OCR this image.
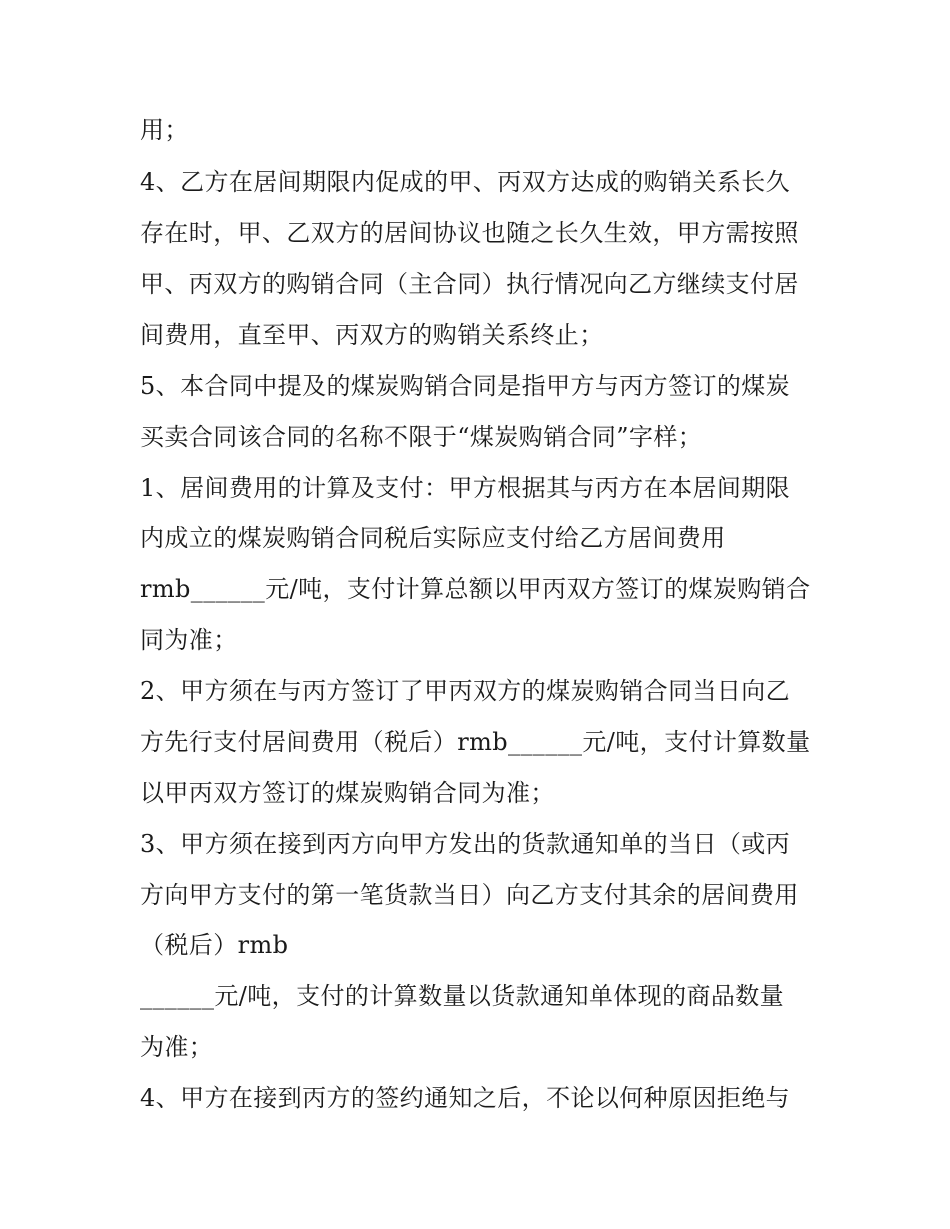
用；
4、乙方在居间期限内促成的甲、丙双方达成的购销关系长久
存在时，甲、乙双方的居间协议也随之长久生效，甲方需按照
甲、丙双方的购销合同（主合同）执行情况向乙方继续支付居
间费用，直至甲、丙双方的购销关系终止；
5、本合同中提及的煤炭购销合同是指甲方与丙方签订的煤炭
买卖合同该合同的名称不限于“煤炭购销合同”字样；
1、居间费用的计算及支付：甲方根据其与丙方在本居间期限
内成立的煤炭购销合同税后实际应支付给乙方居间费用
rmb______元/吨，支付计算总额以甲丙双方签订的煤炭购销合
同为准；
2、甲方须在与丙方签订了甲丙双方的煤炭购销合同当日向乙
方先行支付居间费用（税后）rmb______元/吨，支付计算数量
以甲丙双方签订的煤炭购销合同为准；
3、甲方须在接到丙方向甲方发出的货款通知单的当日（或丙
方向甲方支付的第一笔货款当日）向乙方支付其余的居间费用
（税后）rmb
______元/吨，支付的计算数量以货款通知单体现的商品数量
为准；
4、甲方在接到丙方的签约通知之后，不论以何种原因拒绝与
